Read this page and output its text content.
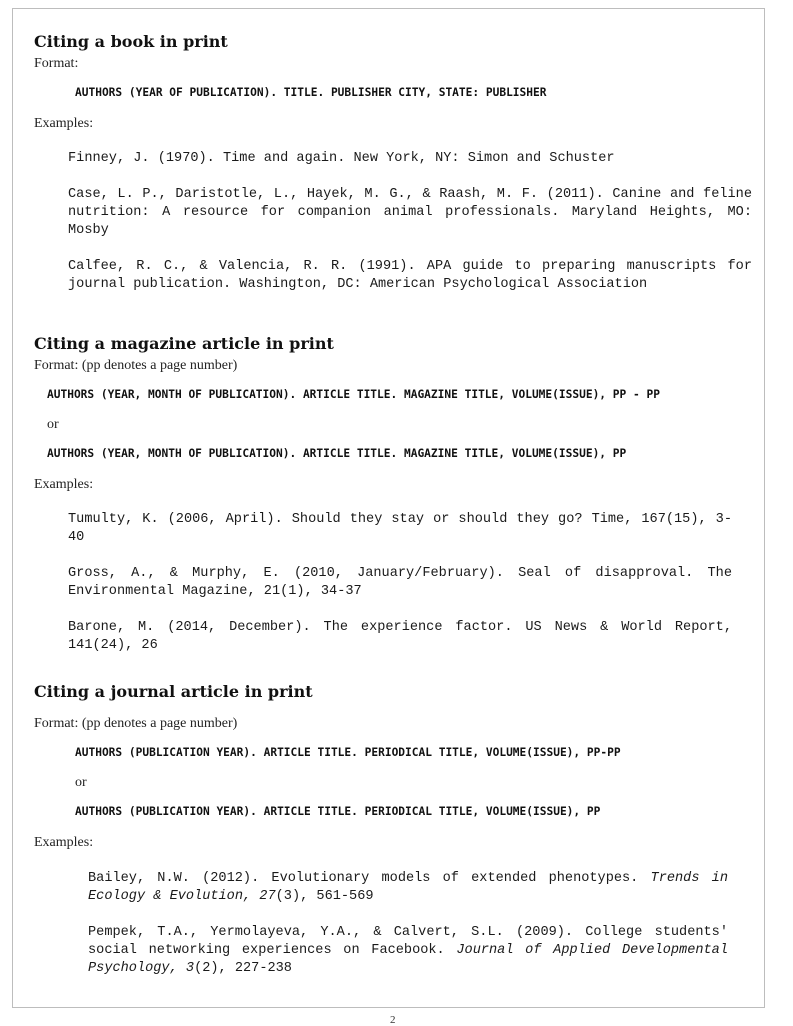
Citing a book in print
Format:
AUTHORS (YEAR OF PUBLICATION). TITLE. PUBLISHER CITY, STATE: PUBLISHER
Examples:
Finney, J. (1970). Time and again. New York, NY: Simon and Schuster
Case, L. P., Daristotle, L., Hayek, M. G., & Raash, M. F. (2011). Canine and feline nutrition: A resource for companion animal professionals. Maryland Heights, MO: Mosby
Calfee, R. C., & Valencia, R. R. (1991). APA guide to preparing manuscripts for journal publication. Washington, DC: American Psychological Association
Citing a magazine article in print
Format: (pp denotes a page number)
AUTHORS (YEAR, MONTH OF PUBLICATION). ARTICLE TITLE. MAGAZINE TITLE, VOLUME(ISSUE), PP - PP
or
AUTHORS (YEAR, MONTH OF PUBLICATION). ARTICLE TITLE. MAGAZINE TITLE, VOLUME(ISSUE), PP
Examples:
Tumulty, K. (2006, April). Should they stay or should they go? Time, 167(15), 3-40
Gross, A., & Murphy, E. (2010, January/February). Seal of disapproval. The Environmental Magazine, 21(1), 34-37
Barone, M. (2014, December). The experience factor. US News & World Report, 141(24), 26
Citing a journal article in print
Format: (pp denotes a page number)
AUTHORS (PUBLICATION YEAR). ARTICLE TITLE. PERIODICAL TITLE, VOLUME(ISSUE), PP-PP
or
AUTHORS (PUBLICATION YEAR). ARTICLE TITLE. PERIODICAL TITLE, VOLUME(ISSUE), PP
Examples:
Bailey, N.W. (2012). Evolutionary models of extended phenotypes. Trends in Ecology & Evolution, 27(3), 561-569
Pempek, T.A., Yermolayeva, Y.A., & Calvert, S.L. (2009). College students' social networking experiences on Facebook. Journal of Applied Developmental Psychology, 3(2), 227-238
2
